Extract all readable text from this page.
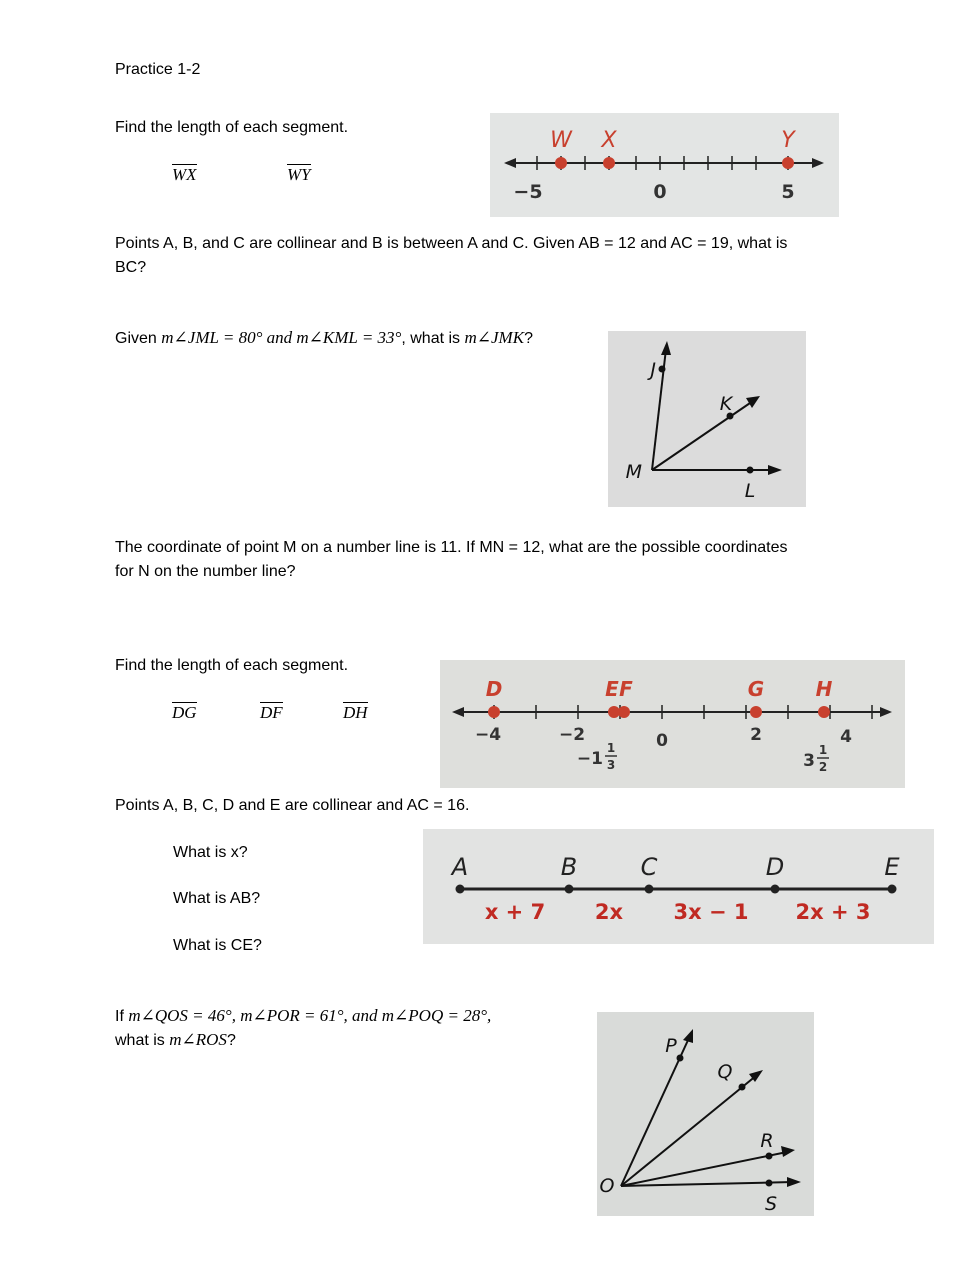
Practice 1-2
Find the length of each segment.
WX	WY
W X	Y
−5	0	5
Points A, B, and C are collinear and B is between A and C. Given AB = 12 and AC = 19, what is
BC?
Given m∠JML = 80° and m∠KML = 33°, what is m∠JMK?
J
K
M
L
The coordinate of point M on a number line is 11. If MN = 12, what are the possible coordinates
for N on the number line?
Find the length of each segment.
DG	DF	DH
D	E F	G	H
−4	−2	0	2	4
−1
1
3	3
1
2
Points A, B, C, D and E are collinear and AC = 16.
What is x?
What is AB?
What is CE?
A	B	C	D	E
x + 7 2x 3x − 1 2x + 3
If m∠QOS = 46°, m∠POR = 61°, and m∠POQ = 28°,
what is m∠ROS?	P
Q
R
O
S
